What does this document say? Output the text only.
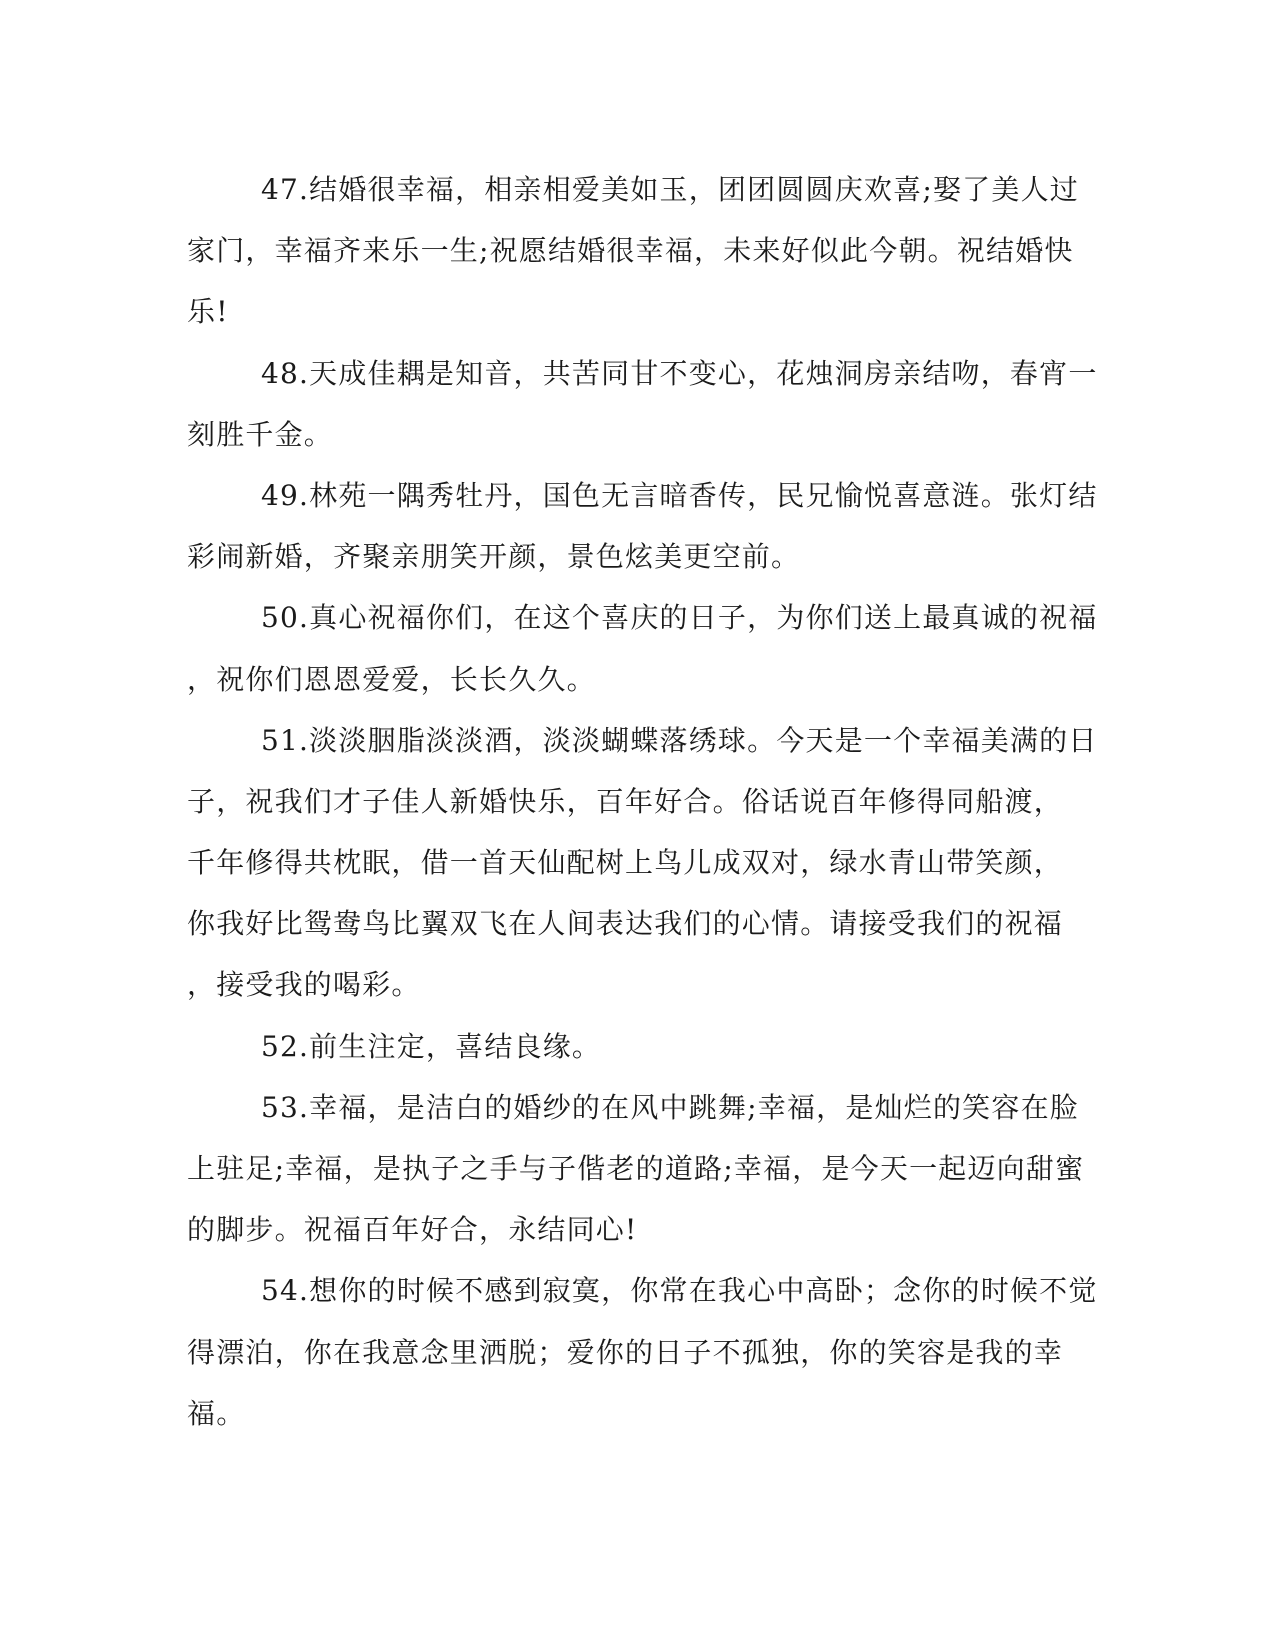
47.结婚很幸福，相亲相爱美如玉，团团圆圆庆欢喜;娶了美人过
家门，幸福齐来乐一生;祝愿结婚很幸福，未来好似此今朝。祝结婚快
乐!
48.天成佳耦是知音，共苦同甘不变心，花烛洞房亲结吻，春宵一
刻胜千金。
49.林苑一隅秀牡丹，国色无言暗香传，民兄愉悦喜意涟。张灯结
彩闹新婚，齐聚亲朋笑开颜，景色炫美更空前。
50.真心祝福你们，在这个喜庆的日子，为你们送上最真诚的祝福
，祝你们恩恩爱爱，长长久久。
51.淡淡胭脂淡淡酒，淡淡蝴蝶落绣球。今天是一个幸福美满的日
子，祝我们才子佳人新婚快乐，百年好合。俗话说百年修得同船渡，
千年修得共枕眠，借一首天仙配树上鸟儿成双对，绿水青山带笑颜，
你我好比鸳鸯鸟比翼双飞在人间表达我们的心情。请接受我们的祝福
，接受我的喝彩。
52.前生注定，喜结良缘。
53.幸福，是洁白的婚纱的在风中跳舞;幸福，是灿烂的笑容在脸
上驻足;幸福，是执子之手与子偕老的道路;幸福，是今天一起迈向甜蜜
的脚步。祝福百年好合，永结同心!
54.想你的时候不感到寂寞，你常在我心中高卧；念你的时候不觉
得漂泊，你在我意念里洒脱；爱你的日子不孤独，你的笑容是我的幸
福。
